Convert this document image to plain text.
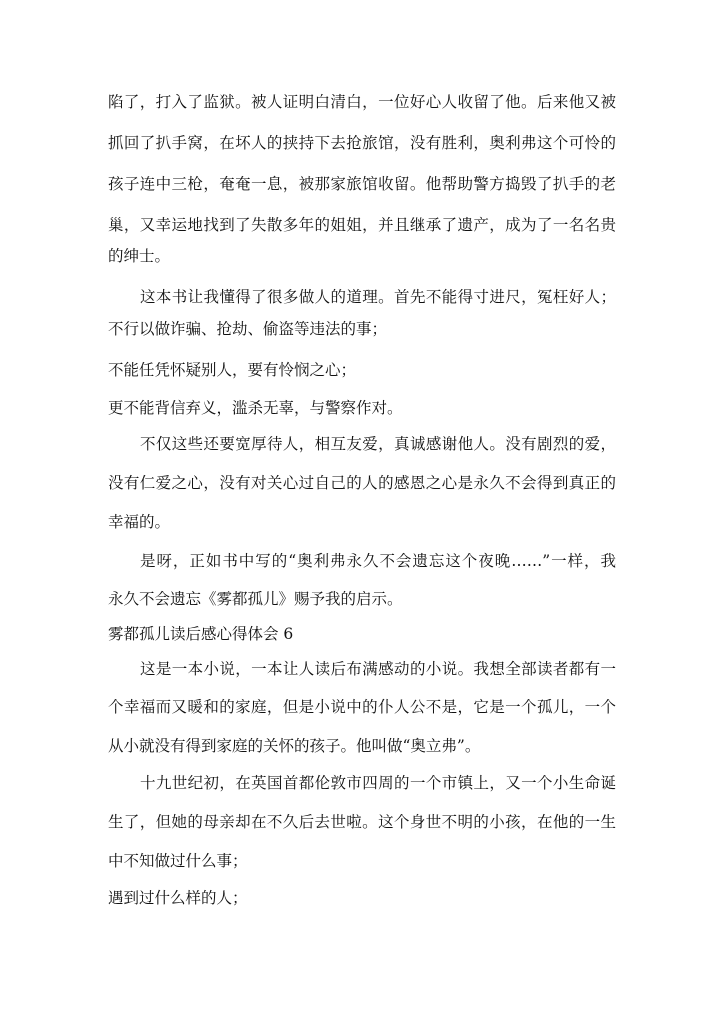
陷了，打入了监狱。被人证明白清白，一位好心人收留了他。后来他又被
抓回了扒手窝，在坏人的挟持下去抢旅馆，没有胜利，奥利弗这个可怜的
孩子连中三枪，奄奄一息，被那家旅馆收留。他帮助警方捣毁了扒手的老
巢，又幸运地找到了失散多年的姐姐，并且继承了遗产，成为了一名名贵
的绅士。
这本书让我懂得了很多做人的道理。首先不能得寸进尺，冤枉好人；
不行以做诈骗、抢劫、偷盗等违法的事；
不能任凭怀疑别人，要有怜悯之心；
更不能背信弃义，滥杀无辜，与警察作对。
不仅这些还要宽厚待人，相互友爱，真诚感谢他人。没有剧烈的爱，
没有仁爱之心，没有对关心过自己的人的感恩之心是永久不会得到真正的
幸福的。
是呀，正如书中写的“奥利弗永久不会遗忘这个夜晚……”一样，我
永久不会遗忘《雾都孤儿》赐予我的启示。
雾都孤儿读后感心得体会 6
这是一本小说，一本让人读后布满感动的小说。我想全部读者都有一
个幸福而又暖和的家庭，但是小说中的仆人公不是，它是一个孤儿，一个
从小就没有得到家庭的关怀的孩子。他叫做“奥立弗”。
十九世纪初，在英国首都伦敦市四周的一个市镇上，又一个小生命诞
生了，但她的母亲却在不久后去世啦。这个身世不明的小孩，在他的一生
中不知做过什么事；
遇到过什么样的人；
